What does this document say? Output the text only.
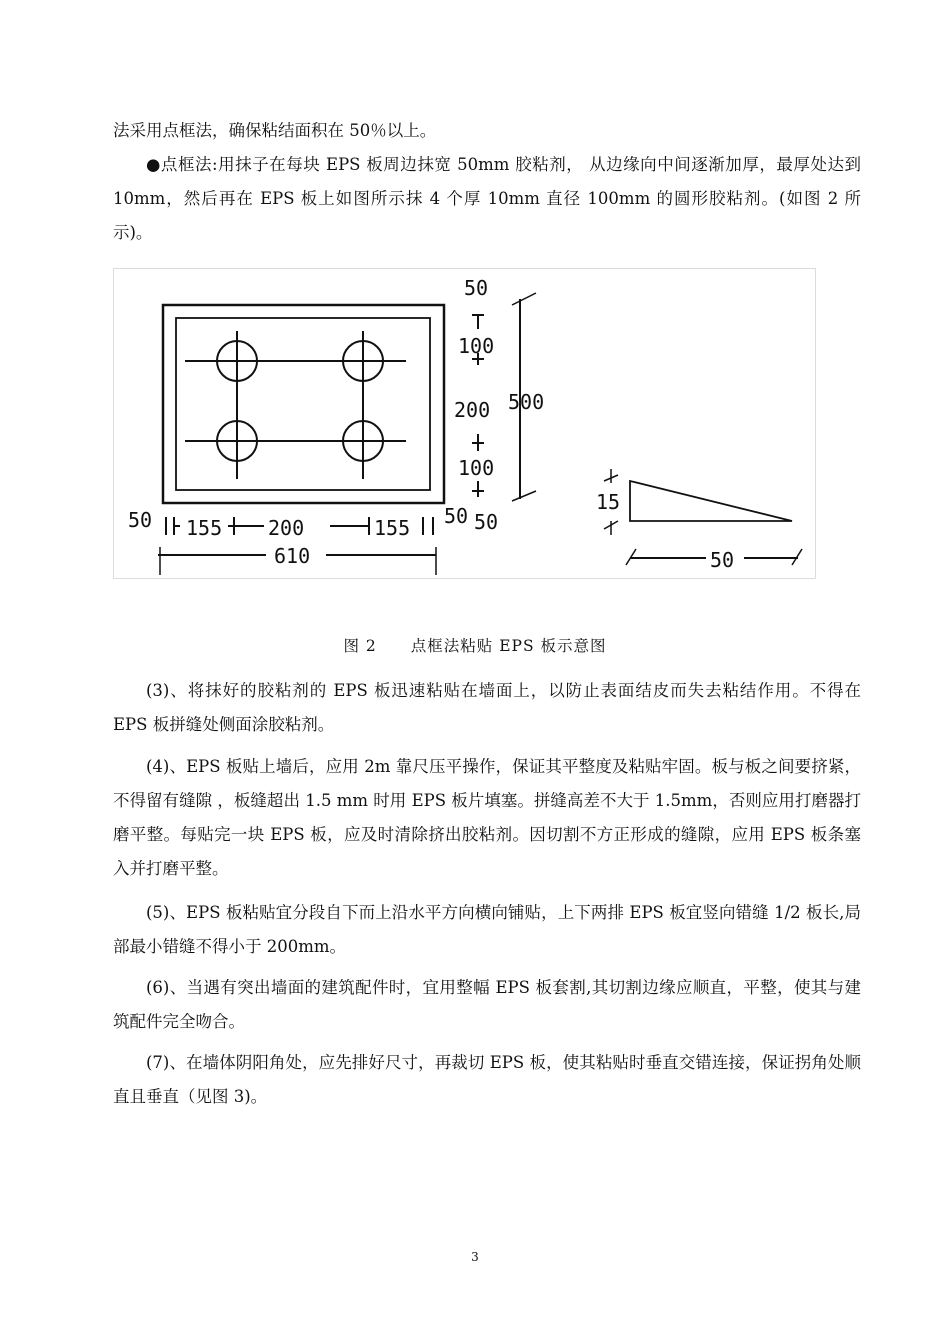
法采用点框法，确保粘结面积在 50％以上。

●点框法:用抹子在每块 EPS 板周边抹宽 50mm 胶粘剂， 从边缘向中间逐渐加厚，最厚处达到 10mm，然后再在 EPS 板上如图所示抹 4 个厚 10mm 直径 100mm 的圆形胶粘剂。(如图 2 所示)。

50
100
200
100
50
500
50 155 200	155 50
610
15
50
图 2 点框法粘贴 EPS 板示意图

(3)、将抹好的胶粘剂的 EPS 板迅速粘贴在墙面上，以防止表面结皮而失去粘结作用。不得在 EPS 板拼缝处侧面涂胶粘剂。

(4)、EPS 板贴上墙后，应用 2m 靠尺压平操作，保证其平整度及粘贴牢固。板与板之间要挤紧，不得留有缝隙 ，板缝超出 1.5 mm 时用 EPS 板片填塞。拼缝高差不大于 1.5mm，否则应用打磨器打磨平整。每贴完一块 EPS 板，应及时清除挤出胶粘剂。因切割不方正形成的缝隙，应用 EPS 板条塞入并打磨平整。

(5)、EPS 板粘贴宜分段自下而上沿水平方向横向铺贴，上下两排 EPS 板宜竖向错缝 1/2 板长,局部最小错缝不得小于 200mm。

(6)、当遇有突出墙面的建筑配件时，宜用整幅 EPS 板套割,其切割边缘应顺直，平整，使其与建筑配件完全吻合。

(7)、在墙体阴阳角处，应先排好尺寸，再裁切 EPS 板，使其粘贴时垂直交错连接，保证拐角处顺直且垂直（见图 3)。

3
